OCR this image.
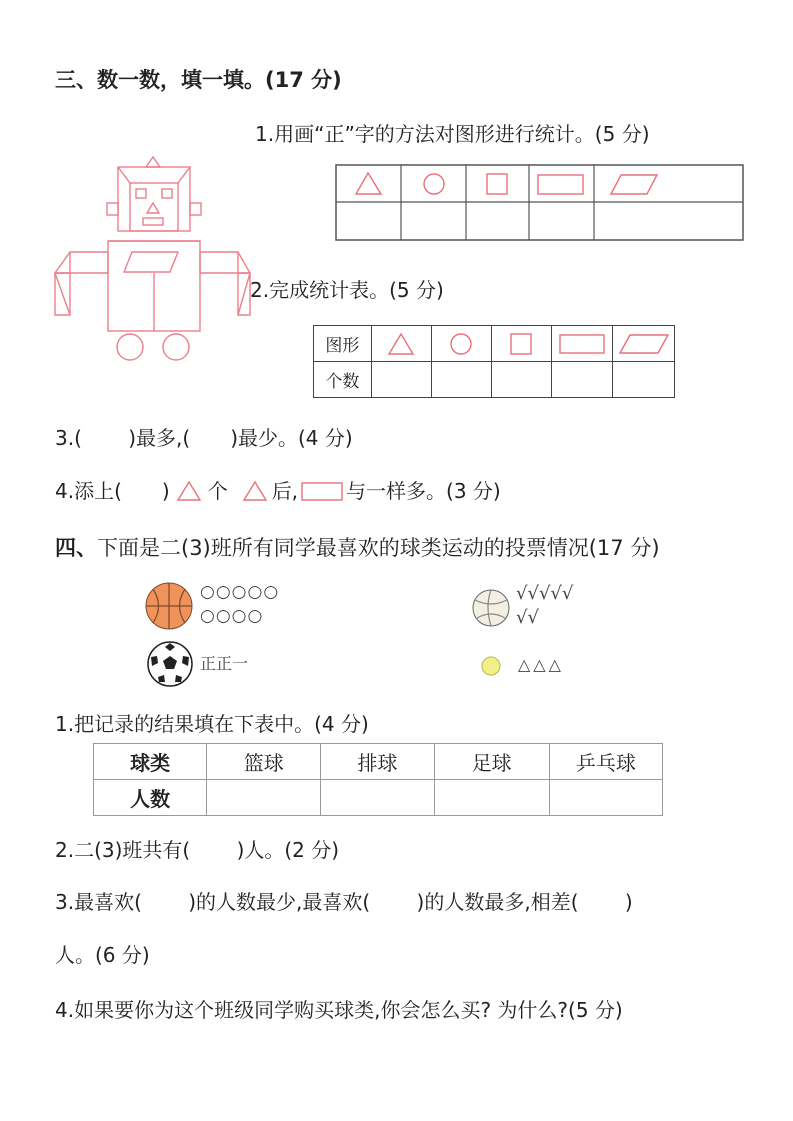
三、数一数，填一填。(17 分)
1.用画“正”字的方法对图形进行统计。(5 分)
2.完成统计表。(5 分)
图形					
个数					
3.(　　 )最多,(　　)最少。(4 分)
4.添上(　　) 个 后, 与一样多。(3 分)
四、下面是二(3)班所有同学最喜欢的球类运动的投票情况(17 分)
○○○○○
○○○○
√√√√√
√√
正正一	△△△
1.把记录的结果填在下表中。(4 分)
球类	篮球	排球	足球	乒乓球
人数				
2.二(3)班共有(　　 )人。(2 分)
3.最喜欢(　　 )的人数最少,最喜欢(　　 )的人数最多,相差(　　 )
人。(6 分)
4.如果要你为这个班级同学购买球类,你会怎么买? 为什么?(5 分)
